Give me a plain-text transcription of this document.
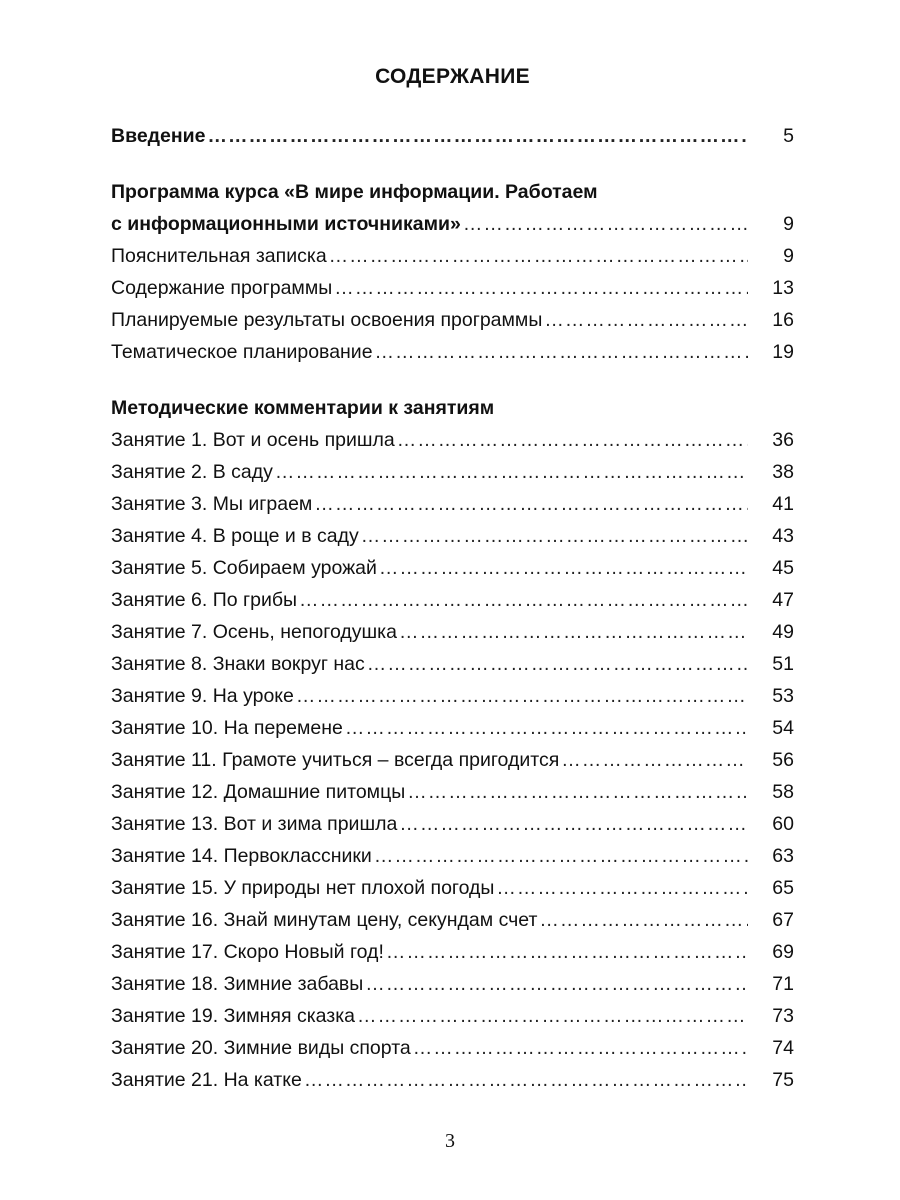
СОДЕРЖАНИЕ
Введение ………………………………………………………………………………………………………………………………………………………………………	5
Программа курса «В мире информации. Работаем
с информационными источниками» ………………………………………………………………………………………………………………………………………………………………………	9
Пояснительная записка ………………………………………………………………………………………………………………………………………………………………………	9
Содержание программы ………………………………………………………………………………………………………………………………………………………………………	13
Планируемые результаты освоения программы ………………………………………………………………………………………………………………………………………………………………………	16
Тематическое планирование ………………………………………………………………………………………………………………………………………………………………………	19
Методические комментарии к занятиям
Занятие 1. Вот и осень пришла ………………………………………………………………………………………………………………………………………………………………………	36
Занятие 2. В саду ………………………………………………………………………………………………………………………………………………………………………	38
Занятие 3. Мы играем ………………………………………………………………………………………………………………………………………………………………………	41
Занятие 4. В роще и в саду ………………………………………………………………………………………………………………………………………………………………………	43
Занятие 5. Собираем урожай ………………………………………………………………………………………………………………………………………………………………………	45
Занятие 6. По грибы ………………………………………………………………………………………………………………………………………………………………………	47
Занятие 7. Осень, непогодушка ………………………………………………………………………………………………………………………………………………………………………	49
Занятие 8. Знаки вокруг нас ………………………………………………………………………………………………………………………………………………………………………	51
Занятие 9. На уроке ………………………………………………………………………………………………………………………………………………………………………	53
Занятие 10. На перемене ………………………………………………………………………………………………………………………………………………………………………	54
Занятие 11. Грамоте учиться – всегда пригодится ………………………………………………………………………………………………………………………………………………………………………	56
Занятие 12. Домашние питомцы ………………………………………………………………………………………………………………………………………………………………………	58
Занятие 13. Вот и зима пришла ………………………………………………………………………………………………………………………………………………………………………	60
Занятие 14. Первоклассники ………………………………………………………………………………………………………………………………………………………………………	63
Занятие 15. У природы нет плохой погоды ………………………………………………………………………………………………………………………………………………………………………	65
Занятие 16. Знай минутам цену, секундам счет ………………………………………………………………………………………………………………………………………………………………………	67
Занятие 17. Скоро Новый год! ………………………………………………………………………………………………………………………………………………………………………	69
Занятие 18. Зимние забавы ………………………………………………………………………………………………………………………………………………………………………	71
Занятие 19. Зимняя сказка ………………………………………………………………………………………………………………………………………………………………………	73
Занятие 20. Зимние виды спорта ………………………………………………………………………………………………………………………………………………………………………	74
Занятие 21. На катке ………………………………………………………………………………………………………………………………………………………………………	75
3
